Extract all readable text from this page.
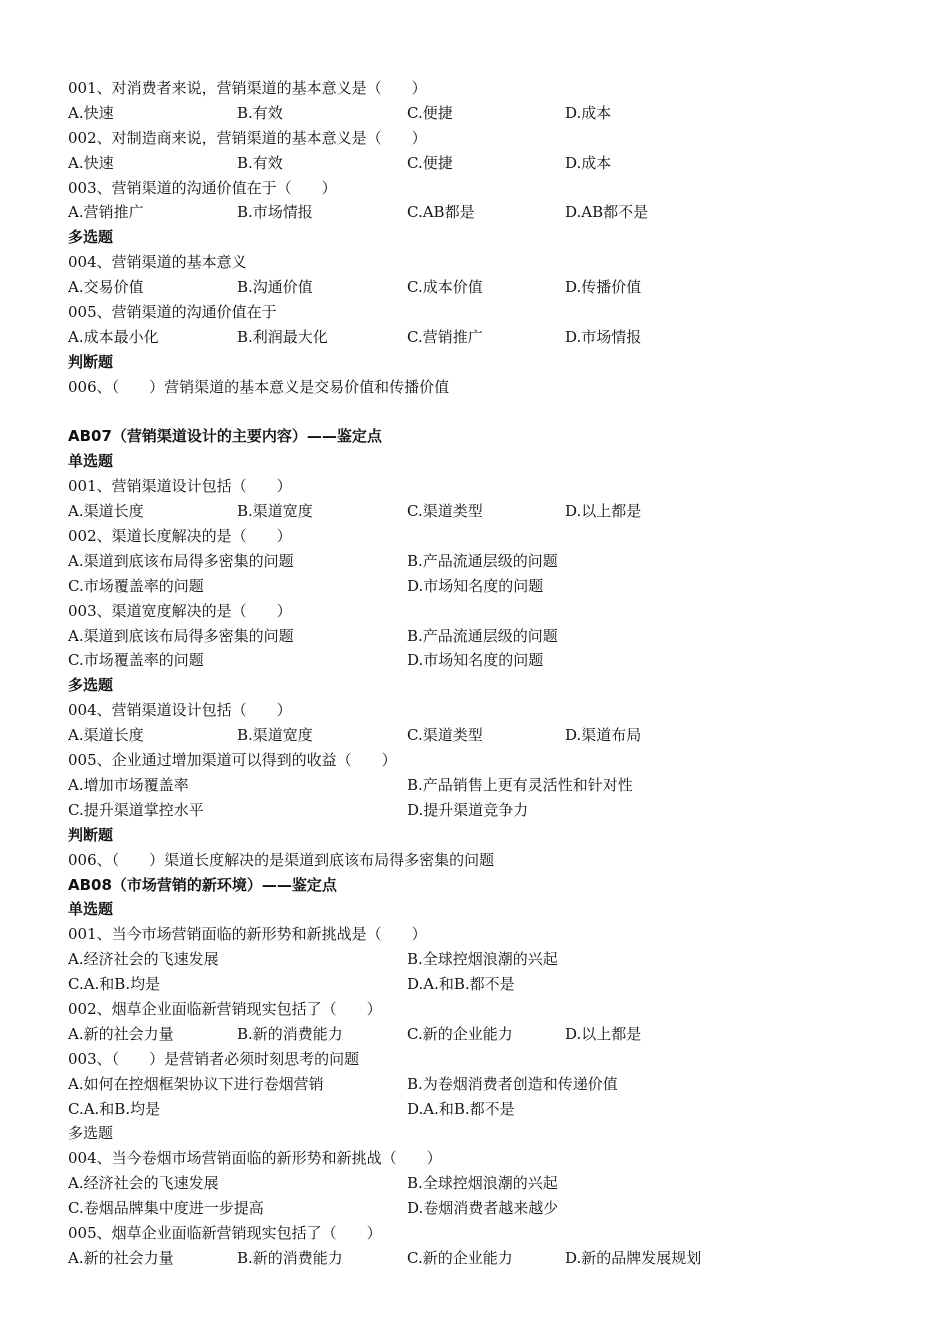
001、对消费者来说，营销渠道的基本意义是（　　）
A.快速	B.有效	C.便捷	D.成本
002、对制造商来说，营销渠道的基本意义是（　　）
A.快速	B.有效	C.便捷	D.成本
003、营销渠道的沟通价值在于（　　）
A.营销推广	B.市场情报	C.AB都是	D.AB都不是
多选题
004、营销渠道的基本意义
A.交易价值	B.沟通价值	C.成本价值	D.传播价值
005、营销渠道的沟通价值在于
A.成本最小化	B.利润最大化	C.营销推广	D.市场情报
判断题
006、（　　）营销渠道的基本意义是交易价值和传播价值
AB07（营销渠道设计的主要内容）——鉴定点
单选题
001、营销渠道设计包括（　　）
A.渠道长度	B.渠道宽度	C.渠道类型	D.以上都是
002、渠道长度解决的是（　　）
A.渠道到底该布局得多密集的问题	B.产品流通层级的问题
C.市场覆盖率的问题	D.市场知名度的问题
003、渠道宽度解决的是（　　）
A.渠道到底该布局得多密集的问题	B.产品流通层级的问题
C.市场覆盖率的问题	D.市场知名度的问题
多选题
004、营销渠道设计包括（　　）
A.渠道长度	B.渠道宽度	C.渠道类型	D.渠道布局
005、企业通过增加渠道可以得到的收益（　　）
A.增加市场覆盖率	B.产品销售上更有灵活性和针对性
C.提升渠道掌控水平	D.提升渠道竞争力
判断题
006、（　　）渠道长度解决的是渠道到底该布局得多密集的问题
AB08（市场营销的新环境）——鉴定点
单选题
001、当今市场营销面临的新形势和新挑战是（　　）
A.经济社会的飞速发展	B.全球控烟浪潮的兴起
C.A.和B.均是	D.A.和B.都不是
002、烟草企业面临新营销现实包括了（　　）
A.新的社会力量	B.新的消费能力	C.新的企业能力	D.以上都是
003、（　　）是营销者必须时刻思考的问题
A.如何在控烟框架协议下进行卷烟营销	B.为卷烟消费者创造和传递价值
C.A.和B.均是	D.A.和B.都不是
多选题
004、当今卷烟市场营销面临的新形势和新挑战（　　）
A.经济社会的飞速发展	B.全球控烟浪潮的兴起
C.卷烟品牌集中度进一步提高	D.卷烟消费者越来越少
005、烟草企业面临新营销现实包括了（　　）
A.新的社会力量	B.新的消费能力	C.新的企业能力	D.新的品牌发展规划
